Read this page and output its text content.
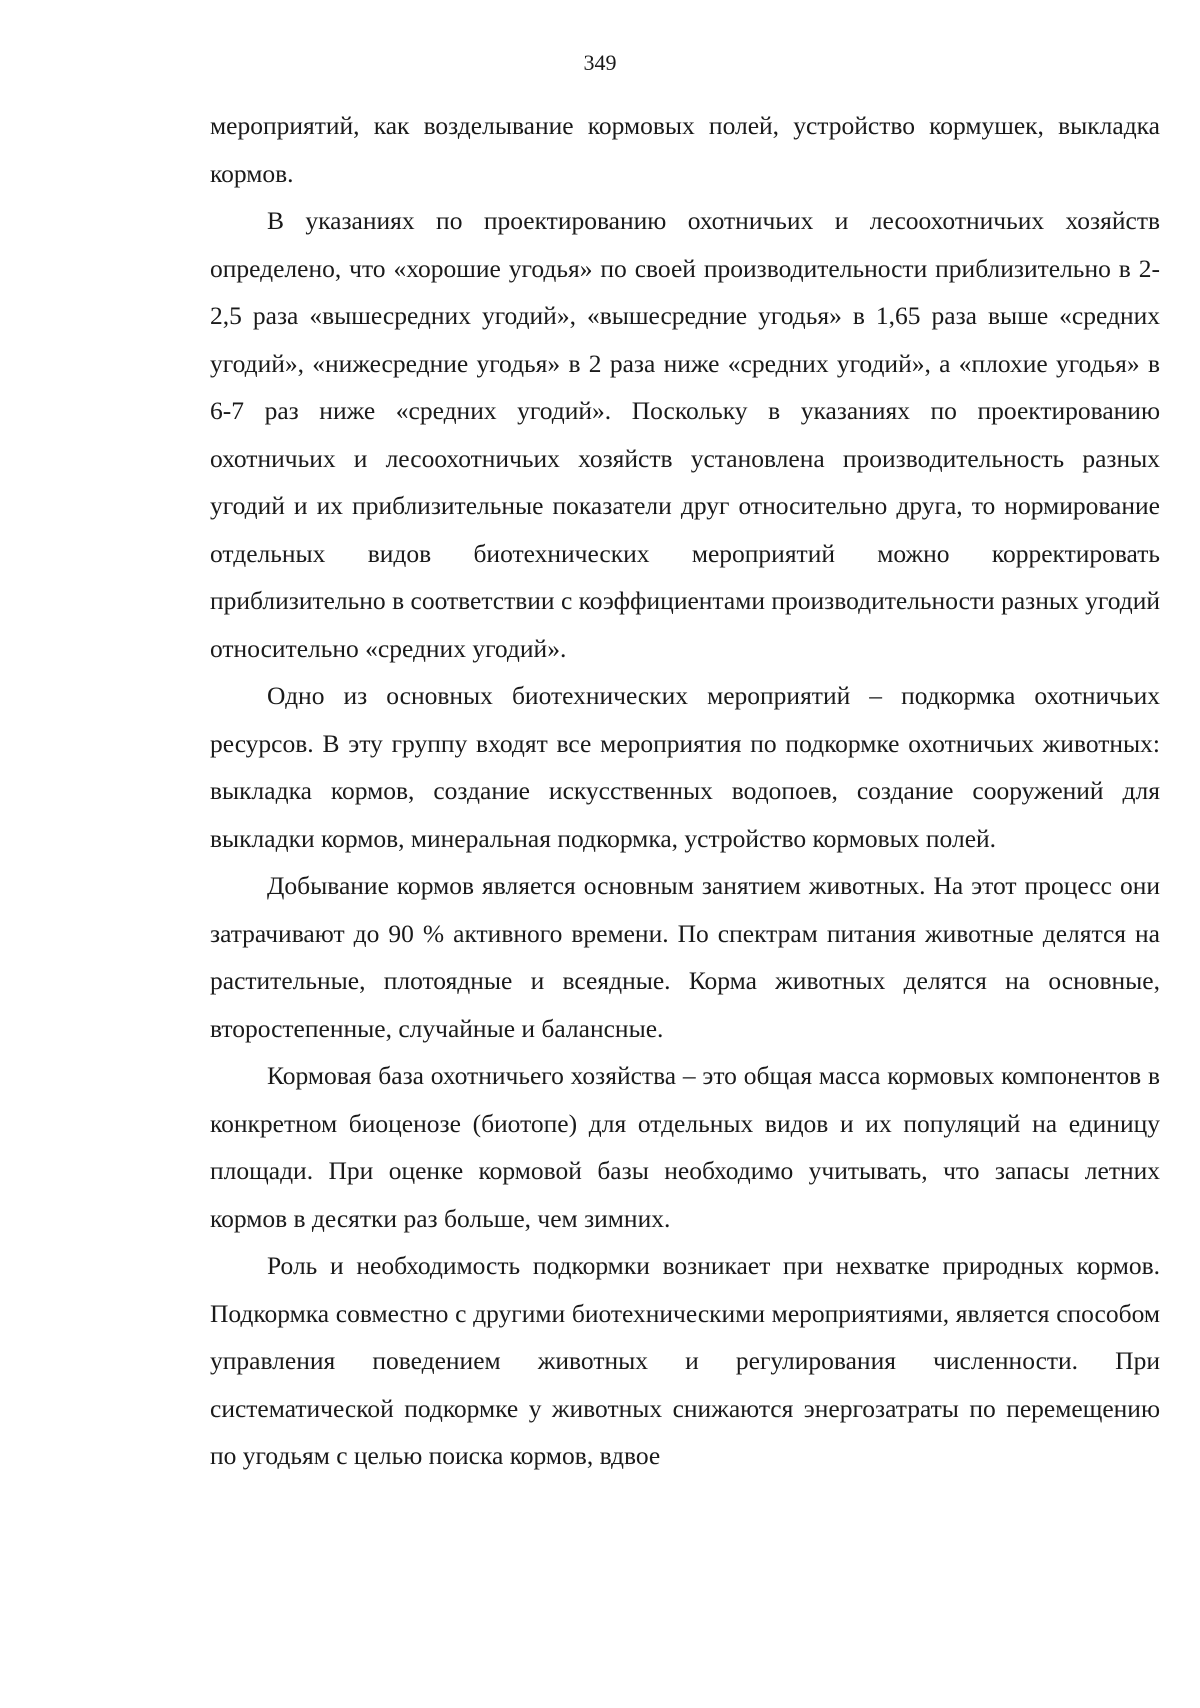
349

мероприятий, как возделывание кормовых полей, устройство кормушек, выкладка кормов.

В указаниях по проектированию охотничьих и лесоохотничьих хозяйств определено, что «хорошие угодья» по своей производительности приблизительно в 2-2,5 раза «вышесредних угодий», «вышесредние угодья» в 1,65 раза выше «средних угодий», «нижесредние угодья» в 2 раза ниже «средних угодий», а «плохие угодья» в 6-7 раз ниже «средних угодий». Поскольку в указаниях по проектированию охотничьих и лесоохотничьих хозяйств установлена производительность разных угодий и их приблизительные показатели друг относительно друга, то нормирование отдельных видов биотехнических мероприятий можно корректировать приблизительно в соответствии с коэффициентами производительности разных угодий относительно «средних угодий».

Одно из основных биотехнических мероприятий – подкормка охотничьих ресурсов. В эту группу входят все мероприятия по подкормке охотничьих животных: выкладка кормов, создание искусственных водопоев, создание сооружений для выкладки кормов, минеральная подкормка, устройство кормовых полей.

Добывание кормов является основным занятием животных. На этот процесс они затрачивают до 90 % активного времени. По спектрам питания животные делятся на растительные, плотоядные и всеядные. Корма животных делятся на основные, второстепенные, случайные и балансные.

Кормовая база охотничьего хозяйства – это общая масса кормовых компонентов в конкретном биоценозе (биотопе) для отдельных видов и их популяций на единицу площади. При оценке кормовой базы необходимо учитывать, что запасы летних кормов в десятки раз больше, чем зимних.

Роль и необходимость подкормки возникает при нехватке природных кормов. Подкормка совместно с другими биотехническими мероприятиями, является способом управления поведением животных и регулирования численности. При систематической подкормке у животных снижаются энергозатраты по перемещению по угодьям с целью поиска кормов, вдвое
